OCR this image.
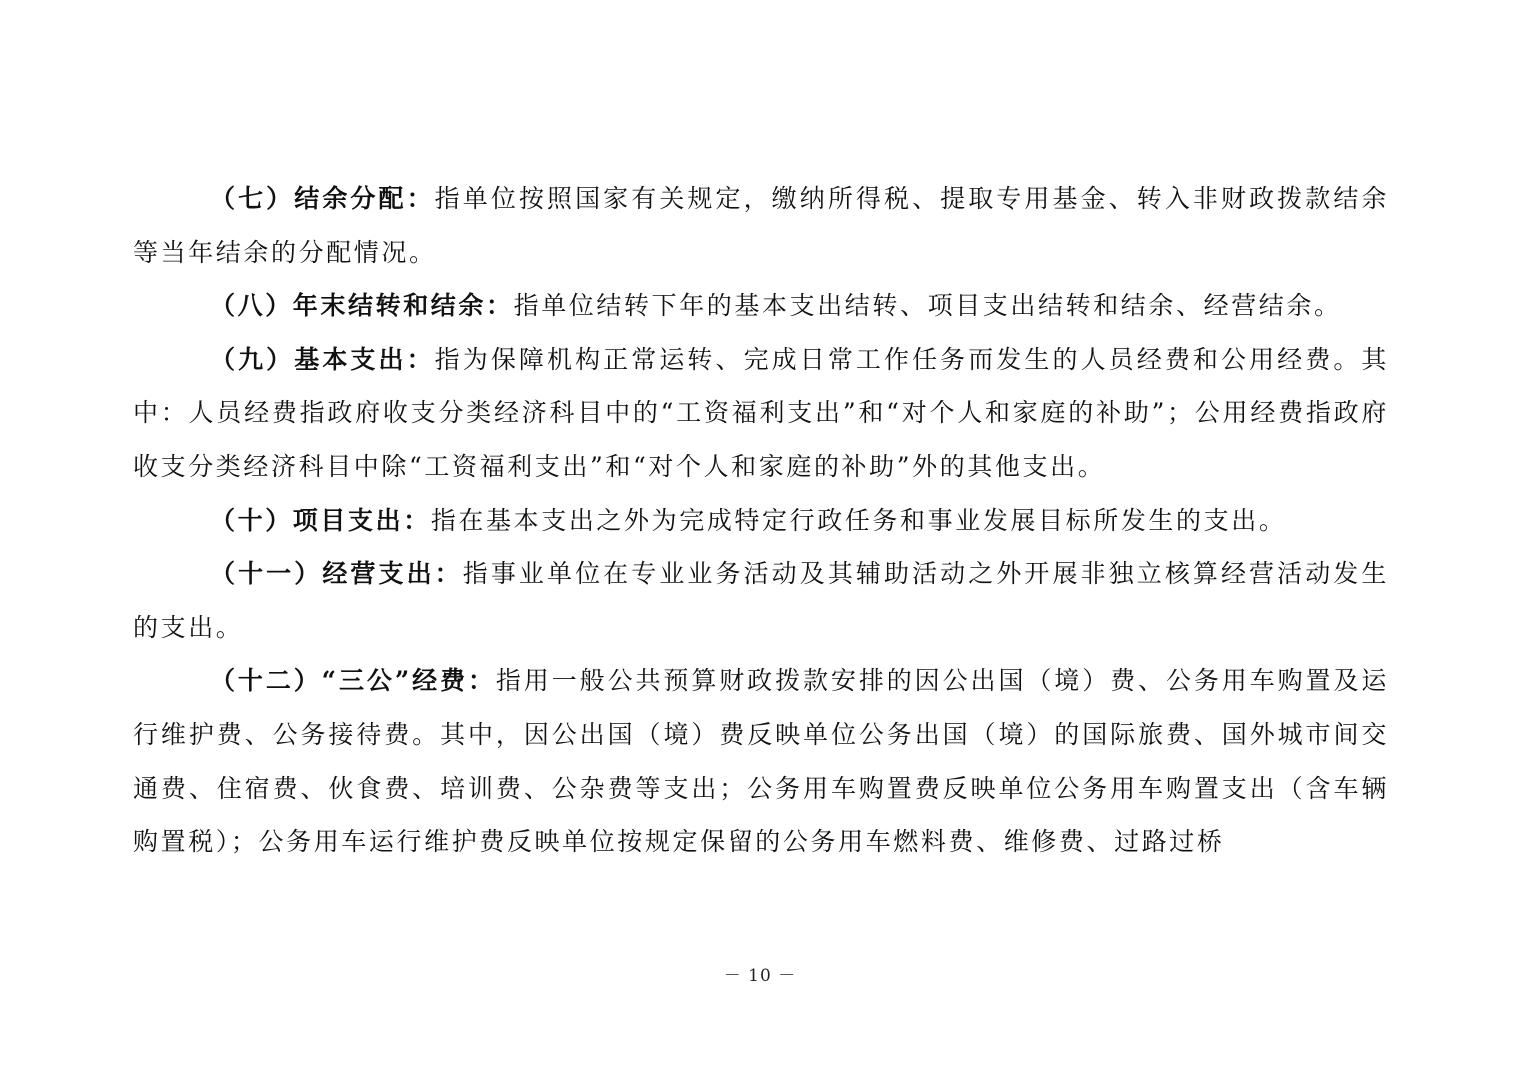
（七）结余分配：指单位按照国家有关规定，缴纳所得税、提取专用基金、转入非财政拨款结余等当年结余的分配情况。

（八）年末结转和结余：指单位结转下年的基本支出结转、项目支出结转和结余、经营结余。

（九）基本支出：指为保障机构正常运转、完成日常工作任务而发生的人员经费和公用经费。其中：人员经费指政府收支分类经济科目中的“工资福利支出”和“对个人和家庭的补助”；公用经费指政府收支分类经济科目中除“工资福利支出”和“对个人和家庭的补助”外的其他支出。

（十）项目支出：指在基本支出之外为完成特定行政任务和事业发展目标所发生的支出。

（十一）经营支出：指事业单位在专业业务活动及其辅助活动之外开展非独立核算经营活动发生的支出。

（十二）“三公”经费：指用一般公共预算财政拨款安排的因公出国（境）费、公务用车购置及运行维护费、公务接待费。其中，因公出国（境）费反映单位公务出国（境）的国际旅费、国外城市间交通费、住宿费、伙食费、培训费、公杂费等支出；公务用车购置费反映单位公务用车购置支出（含车辆购置税）；公务用车运行维护费反映单位按规定保留的公务用车燃料费、维修费、过路过桥

－ 10 －
